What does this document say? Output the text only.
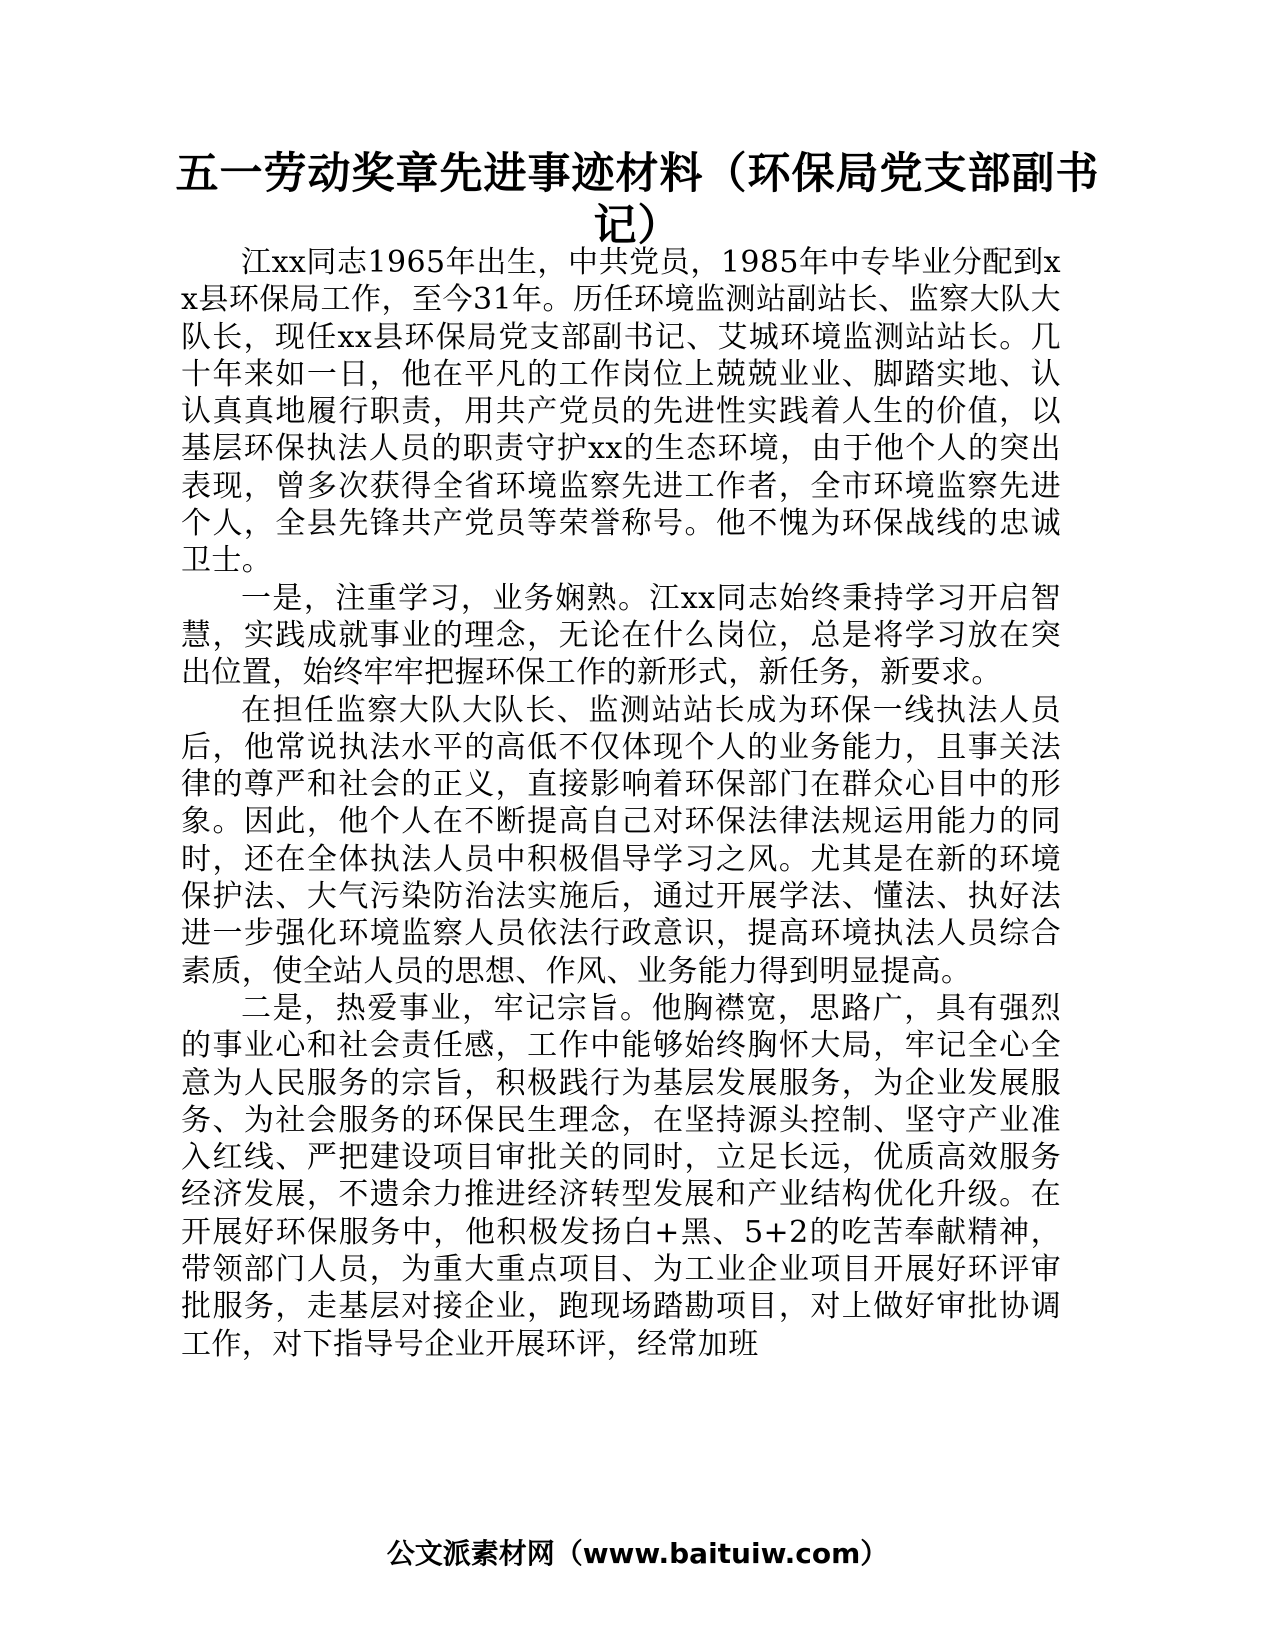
五一劳动奖章先进事迹材料（环保局党支部副书记）

江xx同志1965年出生，中共党员，1985年中专毕业分配到xx县环保局工作，至今31年。历任环境监测站副站长、监察大队大队长，现任xx县环保局党支部副书记、艾城环境监测站站长。几十年来如一日，他在平凡的工作岗位上兢兢业业、脚踏实地、认认真真地履行职责，用共产党员的先进性实践着人生的价值，以基层环保执法人员的职责守护xx的生态环境，由于他个人的突出表现，曾多次获得全省环境监察先进工作者，全市环境监察先进个人，全县先锋共产党员等荣誉称号。他不愧为环保战线的忠诚卫士。

一是，注重学习，业务娴熟。江xx同志始终秉持学习开启智慧，实践成就事业的理念，无论在什么岗位，总是将学习放在突出位置，始终牢牢把握环保工作的新形式，新任务，新要求。

在担任监察大队大队长、监测站站长成为环保一线执法人员后，他常说执法水平的高低不仅体现个人的业务能力，且事关法律的尊严和社会的正义，直接影响着环保部门在群众心目中的形象。因此，他个人在不断提高自己对环保法律法规运用能力的同时，还在全体执法人员中积极倡导学习之风。尤其是在新的环境保护法、大气污染防治法实施后，通过开展学法、懂法、执好法进一步强化环境监察人员依法行政意识，提高环境执法人员综合素质，使全站人员的思想、作风、业务能力得到明显提高。

二是，热爱事业，牢记宗旨。他胸襟宽，思路广，具有强烈的事业心和社会责任感，工作中能够始终胸怀大局，牢记全心全意为人民服务的宗旨，积极践行为基层发展服务，为企业发展服务、为社会服务的环保民生理念，在坚持源头控制、坚守产业准入红线、严把建设项目审批关的同时，立足长远，优质高效服务经济发展，不遗余力推进经济转型发展和产业结构优化升级。在开展好环保服务中，他积极发扬白+黑、5+2的吃苦奉献精神，带领部门人员，为重大重点项目、为工业企业项目开展好环评审批服务，走基层对接企业，跑现场踏勘项目，对上做好审批协调工作，对下指导号企业开展环评，经常加班

公文派素材网（www.baituiw.com）
